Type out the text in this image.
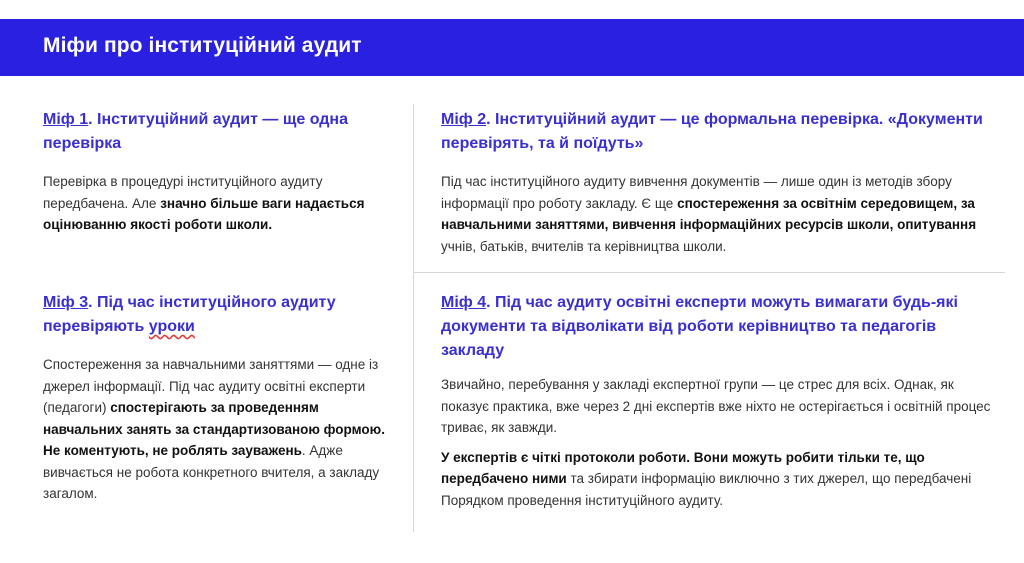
Міфи про інституційний аудит

Міф 1. Інституційний аудит — ще одна перевірка

Перевірка в процедурі інституційного аудиту передбачена. Але значно більше ваги надається оцінюванню якості роботи школи.

Міф 2. Інституційний аудит — це формальна перевірка. «Документи перевірять, та й поїдуть»

Під час інституційного аудиту вивчення документів — лише один із методів збору інформації про роботу закладу. Є ще спостереження за освітнім середовищем, за навчальними заняттями, вивчення інформаційних ресурсів школи, опитування учнів, батьків, вчителів та керівництва школи.

Міф 3. Під час інституційного аудиту перевіряють уроки

Спостереження за навчальними заняттями — одне із джерел інформації. Під час аудиту освітні експерти (педагоги) спостерігають за проведенням навчальних занять за стандартизованою формою. Не коментують, не роблять зауважень. Адже вивчається не робота конкретного вчителя, а закладу загалом.

Міф 4. Під час аудиту освітні експерти можуть вимагати будь-які документи та відволікати від роботи керівництво та педагогів закладу

Звичайно, перебування у закладі експертної групи — це стрес для всіх. Однак, як показує практика, вже через 2 дні експертів вже ніхто не остерігається і освітній процес триває, як завжди.

У експертів є чіткі протоколи роботи. Вони можуть робити тільки те, що передбачено ними та збирати інформацію виключно з тих джерел, що передбачені Порядком проведення інституційного аудиту.
